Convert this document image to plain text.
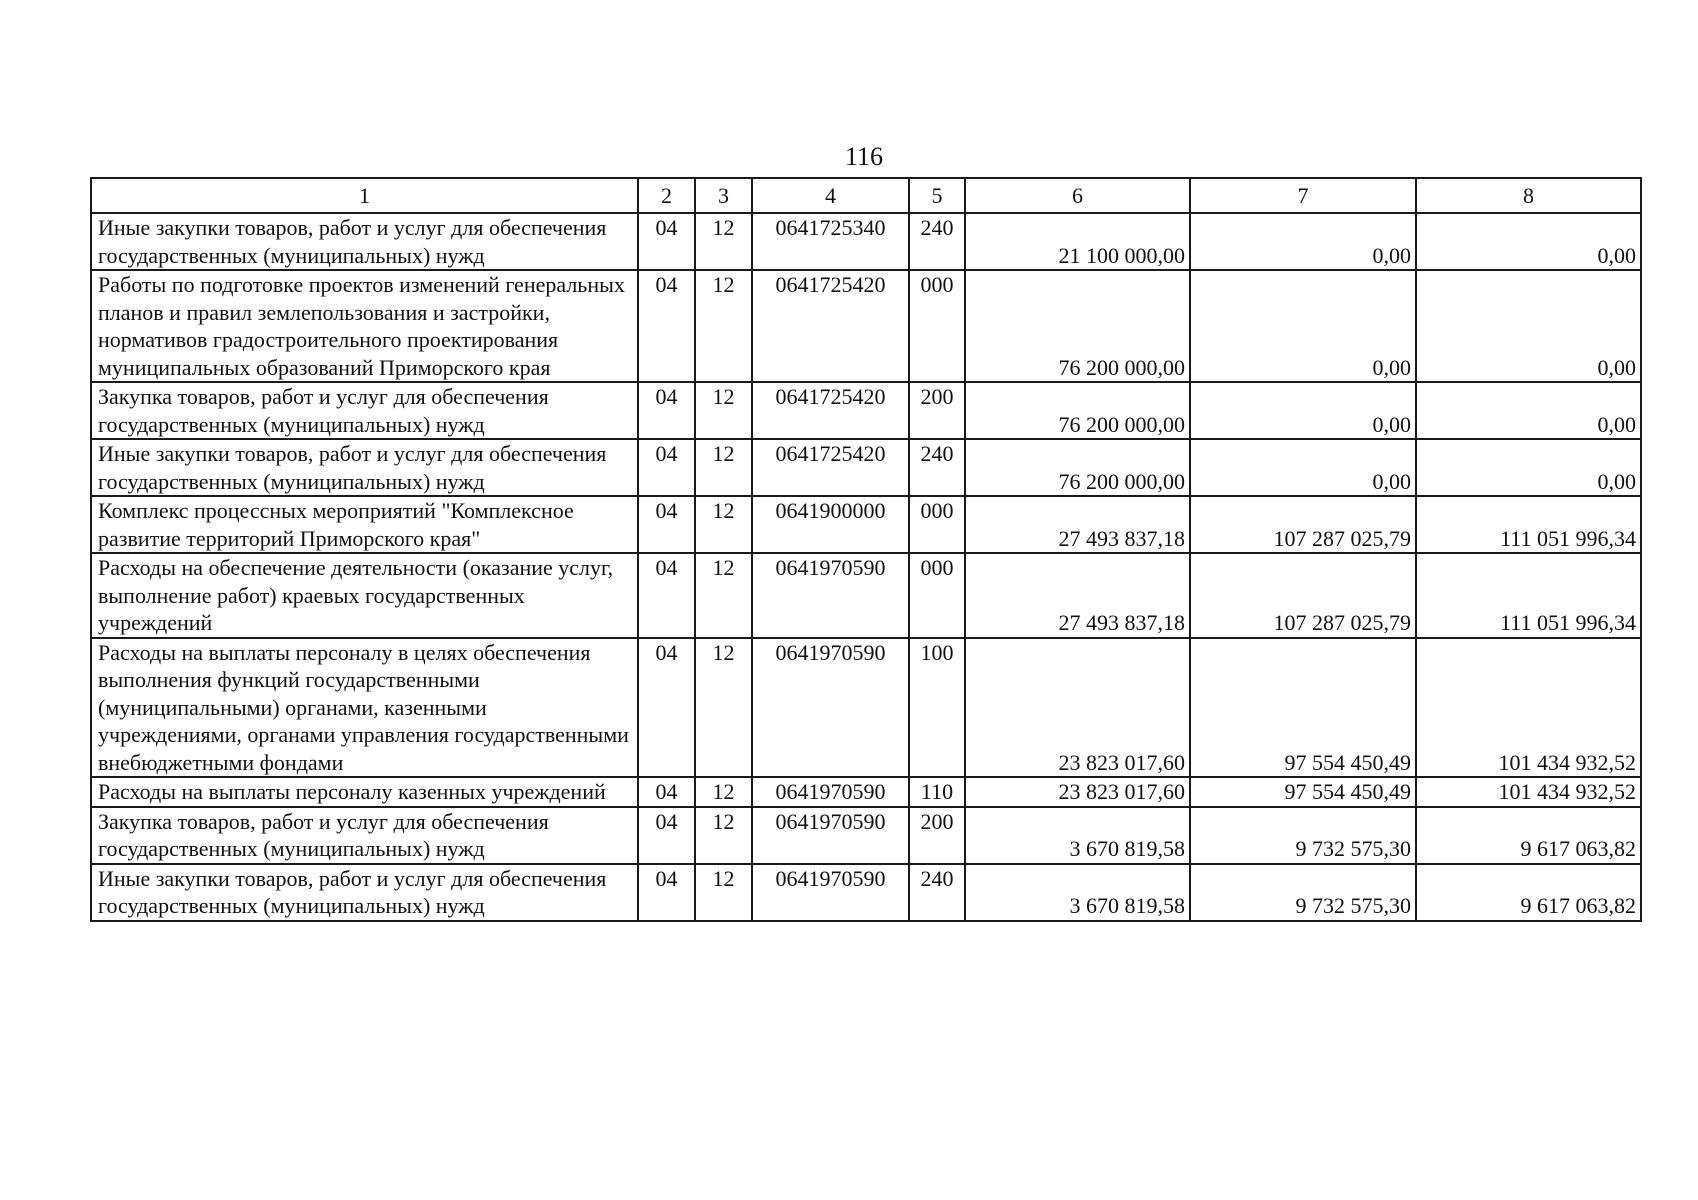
116
1	2	3	4	5	6	7	8
Иные закупки товаров, работ и услуг для обеспечения государственных (муниципальных) нужд	04	12	0641725340	240	21 100 000,00	0,00	0,00
Работы по подготовке проектов изменений генеральных планов и правил землепользования и застройки, нормативов градостроительного проектирования муниципальных образований Приморского края	04	12	0641725420	000	76 200 000,00	0,00	0,00
Закупка товаров, работ и услуг для обеспечения государственных (муниципальных) нужд	04	12	0641725420	200	76 200 000,00	0,00	0,00
Иные закупки товаров, работ и услуг для обеспечения государственных (муниципальных) нужд	04	12	0641725420	240	76 200 000,00	0,00	0,00
Комплекс процессных мероприятий "Комплексное развитие территорий Приморского края"	04	12	0641900000	000	27 493 837,18	107 287 025,79	111 051 996,34
Расходы на обеспечение деятельности (оказание услуг, выполнение работ) краевых государственных учреждений	04	12	0641970590	000	27 493 837,18	107 287 025,79	111 051 996,34
Расходы на выплаты персоналу в целях обеспечения выполнения функций государственными (муниципальными) органами, казенными учреждениями, органами управления государственными внебюджетными фондами	04	12	0641970590	100	23 823 017,60	97 554 450,49	101 434 932,52
Расходы на выплаты персоналу казенных учреждений	04	12	0641970590	110	23 823 017,60	97 554 450,49	101 434 932,52
Закупка товаров, работ и услуг для обеспечения государственных (муниципальных) нужд	04	12	0641970590	200	3 670 819,58	9 732 575,30	9 617 063,82
Иные закупки товаров, работ и услуг для обеспечения государственных (муниципальных) нужд	04	12	0641970590	240	3 670 819,58	9 732 575,30	9 617 063,82
